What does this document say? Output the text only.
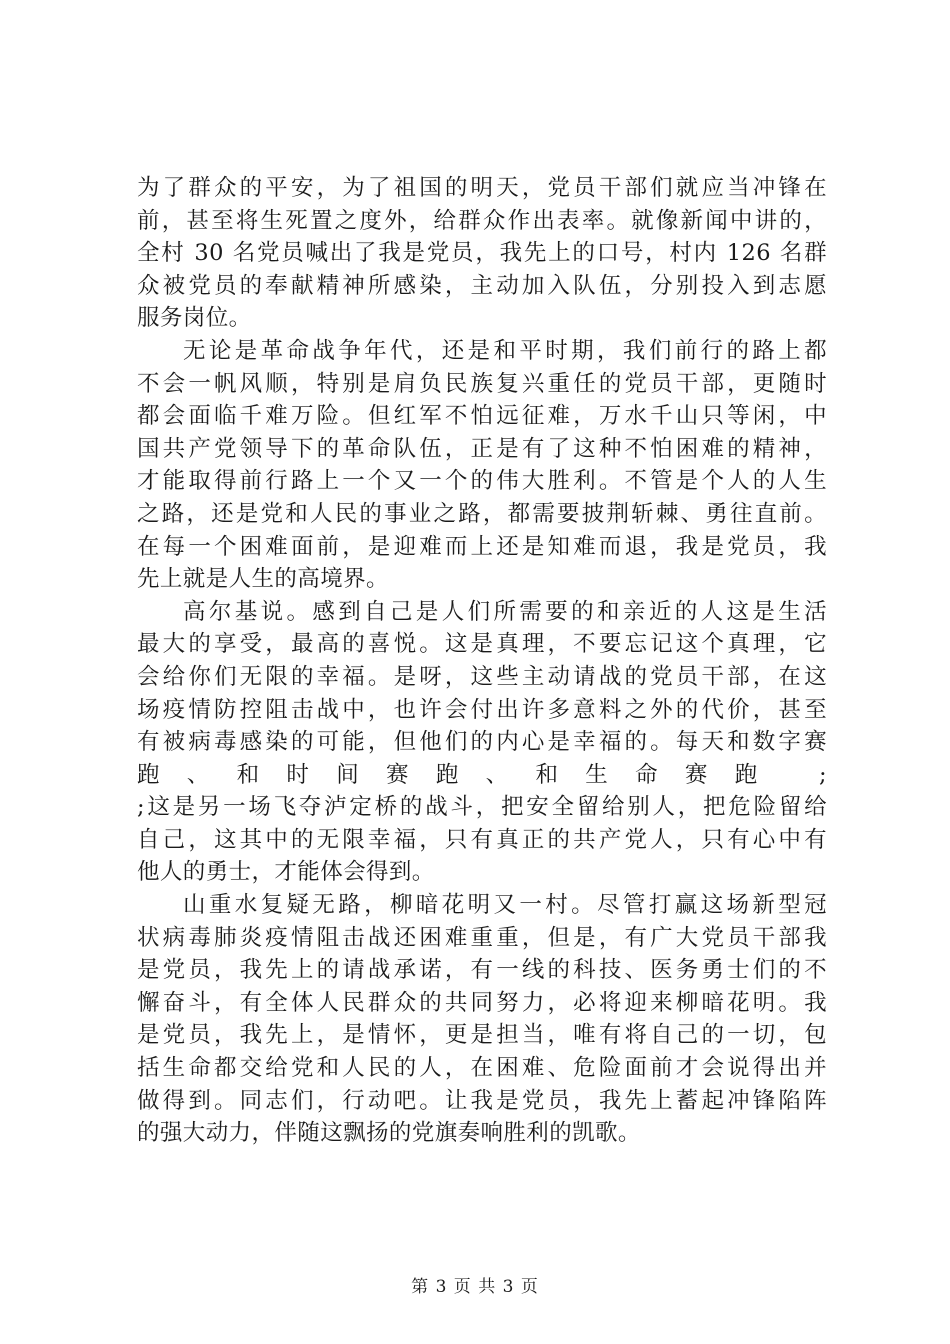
为了群众的平安，为了祖国的明天，党员干部们就应当冲锋在
前，甚至将生死置之度外，给群众作出表率。就像新闻中讲的，
全村 30 名党员喊出了我是党员，我先上的口号，村内 126 名群
众被党员的奉献精神所感染，主动加入队伍，分别投入到志愿
服务岗位。
无论是革命战争年代，还是和平时期，我们前行的路上都
不会一帆风顺，特别是肩负民族复兴重任的党员干部，更随时
都会面临千难万险。但红军不怕远征难，万水千山只等闲，中
国共产党领导下的革命队伍，正是有了这种不怕困难的精神，
才能取得前行路上一个又一个的伟大胜利。不管是个人的人生
之路，还是党和人民的事业之路，都需要披荆斩棘、勇往直前。
在每一个困难面前，是迎难而上还是知难而退，我是党员，我
先上就是人生的高境界。
高尔基说。感到自己是人们所需要的和亲近的人这是生活
最大的享受，最高的喜悦。这是真理，不要忘记这个真理，它
会给你们无限的幸福。是呀，这些主动请战的党员干部，在这
场疫情防控阻击战中，也许会付出许多意料之外的代价，甚至
有被病毒感染的可能，但他们的内心是幸福的。每天和数字赛
跑、和时间赛跑、和生命赛跑 ;
;这是另一场飞夺泸定桥的战斗，把安全留给别人，把危险留给
自己，这其中的无限幸福，只有真正的共产党人，只有心中有
他人的勇士，才能体会得到。
山重水复疑无路，柳暗花明又一村。尽管打赢这场新型冠
状病毒肺炎疫情阻击战还困难重重，但是，有广大党员干部我
是党员，我先上的请战承诺，有一线的科技、医务勇士们的不
懈奋斗，有全体人民群众的共同努力，必将迎来柳暗花明。我
是党员，我先上，是情怀，更是担当，唯有将自己的一切，包
括生命都交给党和人民的人，在困难、危险面前才会说得出并
做得到。同志们，行动吧。让我是党员，我先上蓄起冲锋陷阵
的强大动力，伴随这飘扬的党旗奏响胜利的凯歌。
第 3 页 共 3 页
